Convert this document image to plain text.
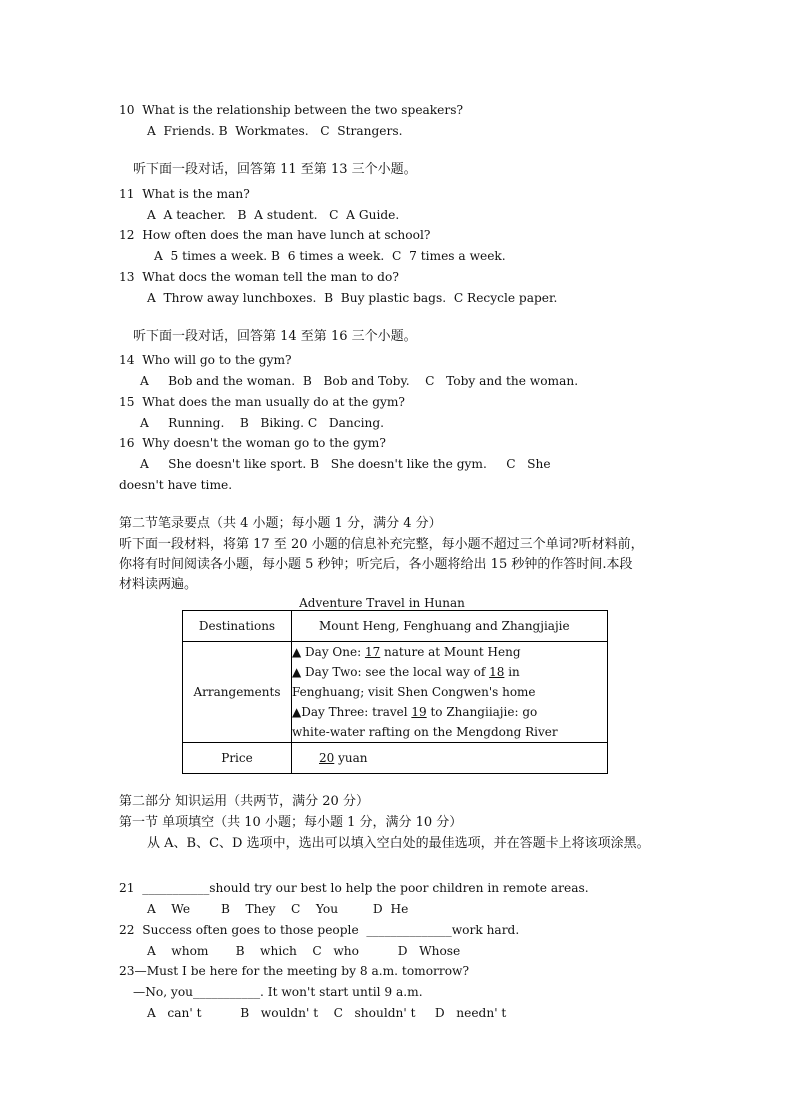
10  What is the relationship between the two speakers?
A  Friends. B  Workmates.   C  Strangers.
听下面一段对话，回答第 11 至第 13 三个小题。
11  What is the man?
A  A teacher.   B  A student.   C  A Guide.
12  How often does the man have lunch at school?
A  5 times a week. B  6 times a week.  C  7 times a week.
13  What docs the woman tell the man to do?
A  Throw away lunchboxes.  B  Buy plastic bags.  C Recycle paper.
听下面一段对话，回答第 14 至第 16 三个小题。
14  Who will go to the gym?
A     Bob and the woman.  B   Bob and Toby.    C   Toby and the woman.
15  What does the man usually do at the gym?
A     Running.    B   Biking. C   Dancing.
16  Why doesn't the woman go to the gym?
A     She doesn't like sport. B   She doesn't like the gym.     C   She
doesn't have time.
第二节笔录要点（共 4 小题；每小题 1 分，满分 4 分）
听下面一段材料，将第 17 至 20 小题的信息补充完整，每小题不超过三个单词?听材料前，
你将有时间阅读各小题，每小题 5 秒钟；听完后，各小题将给出 15 秒钟的作答时间.本段
材料读两遍。
Adventure Travel in Hunan
Destinations	Mount Heng, Fenghuang and Zhangjiajie
Arrangements	▲ Day One: 17 nature at Mount Heng
▲ Day Two: see the local way of 18 in
Fenghuang; visit Shen Congwen's home
▲Day Three: travel 19 to Zhangiiajie: go
white-water rafting on the Mengdong River

Price	20 yuan
第二部分 知识运用（共两节，满分 20 分）
第一节 单项填空（共 10 小题；每小题 1 分，满分 10 分）
从 A、B、C、D 选项中，选出可以填入空白处的最佳选项，并在答题卡上将该项涂黑。
21  ___________should try our best lo help the poor children in remote areas.
A    We        B    They    C    You         D  He
22  Success often goes to those people  ______________work hard.
A    whom       B    which    C   who          D   Whose
23—Must I be here for the meeting by 8 a.m. tomorrow?
—No, you___________. It won't start until 9 a.m.
A   can' t          B   wouldn' t    C   shouldn' t     D   needn' t
